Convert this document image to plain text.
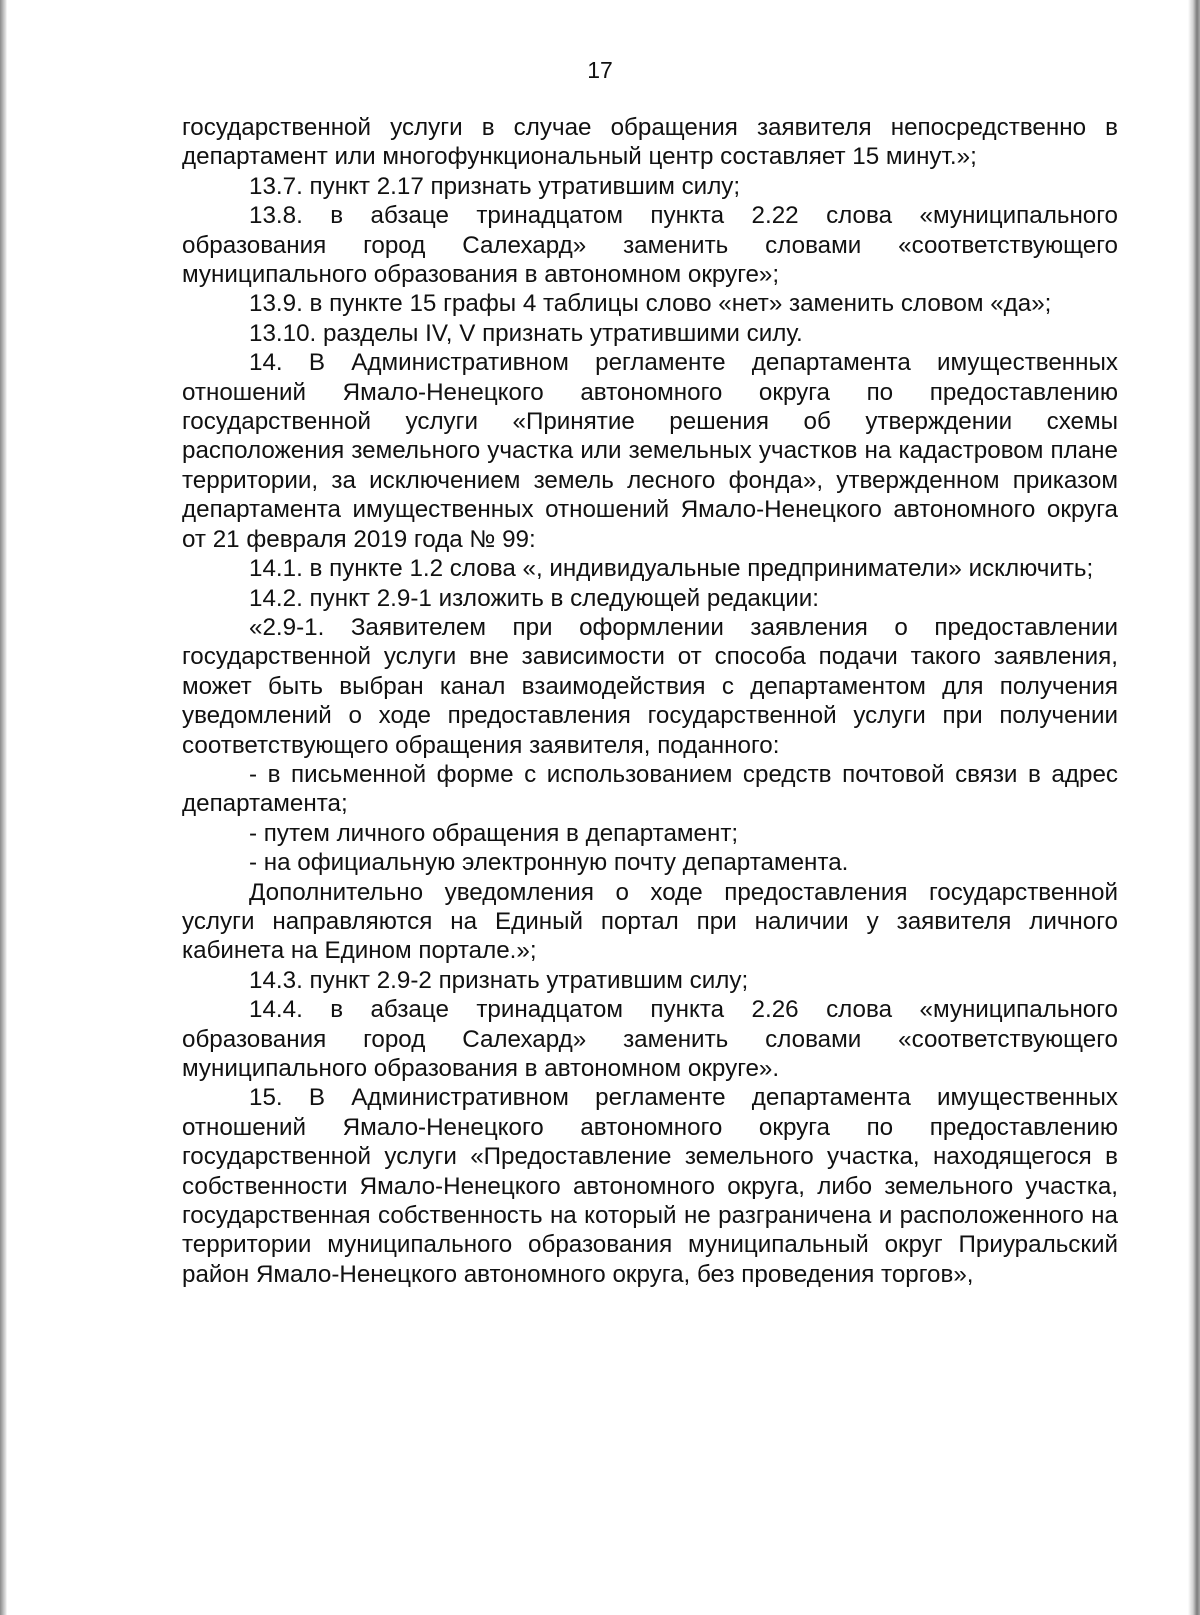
17

государственной услуги в случае обращения заявителя непосредственно в департамент или многофункциональный центр составляет 15 минут.»;

13.7. пункт 2.17 признать утратившим силу;

13.8. в абзаце тринадцатом пункта 2.22 слова «муниципального образования город Салехард» заменить словами «соответствующего муниципального образования в автономном округе»;

13.9. в пункте 15 графы 4 таблицы слово «нет» заменить словом «да»;

13.10. разделы IV, V признать утратившими силу.

14. В Административном регламенте департамента имущественных отношений Ямало-Ненецкого автономного округа по предоставлению государственной услуги «Принятие решения об утверждении схемы расположения земельного участка или земельных участков на кадастровом плане территории, за исключением земель лесного фонда», утвержденном приказом департамента имущественных отношений Ямало-Ненецкого автономного округа от 21 февраля 2019 года № 99:

14.1. в пункте 1.2 слова «, индивидуальные предприниматели» исключить;

14.2. пункт 2.9-1 изложить в следующей редакции:

«2.9-1. Заявителем при оформлении заявления о предоставлении государственной услуги вне зависимости от способа подачи такого заявления, может быть выбран канал взаимодействия с департаментом для получения уведомлений о ходе предоставления государственной услуги при получении соответствующего обращения заявителя, поданного:

- в письменной форме с использованием средств почтовой связи в адрес департамента;

- путем личного обращения в департамент;

- на официальную электронную почту департамента.

Дополнительно уведомления о ходе предоставления государственной услуги направляются на Единый портал при наличии у заявителя личного кабинета на Едином портале.»;

14.3. пункт 2.9-2 признать утратившим силу;

14.4. в абзаце тринадцатом пункта 2.26 слова «муниципального образования город Салехард» заменить словами «соответствующего муниципального образования в автономном округе».

15. В Административном регламенте департамента имущественных отношений Ямало-Ненецкого автономного округа по предоставлению государственной услуги «Предоставление земельного участка, находящегося в собственности Ямало-Ненецкого автономного округа, либо земельного участка, государственная собственность на который не разграничена и расположенного на территории муниципального образования муниципальный округ Приуральский район Ямало-Ненецкого автономного округа, без проведения торгов»,
